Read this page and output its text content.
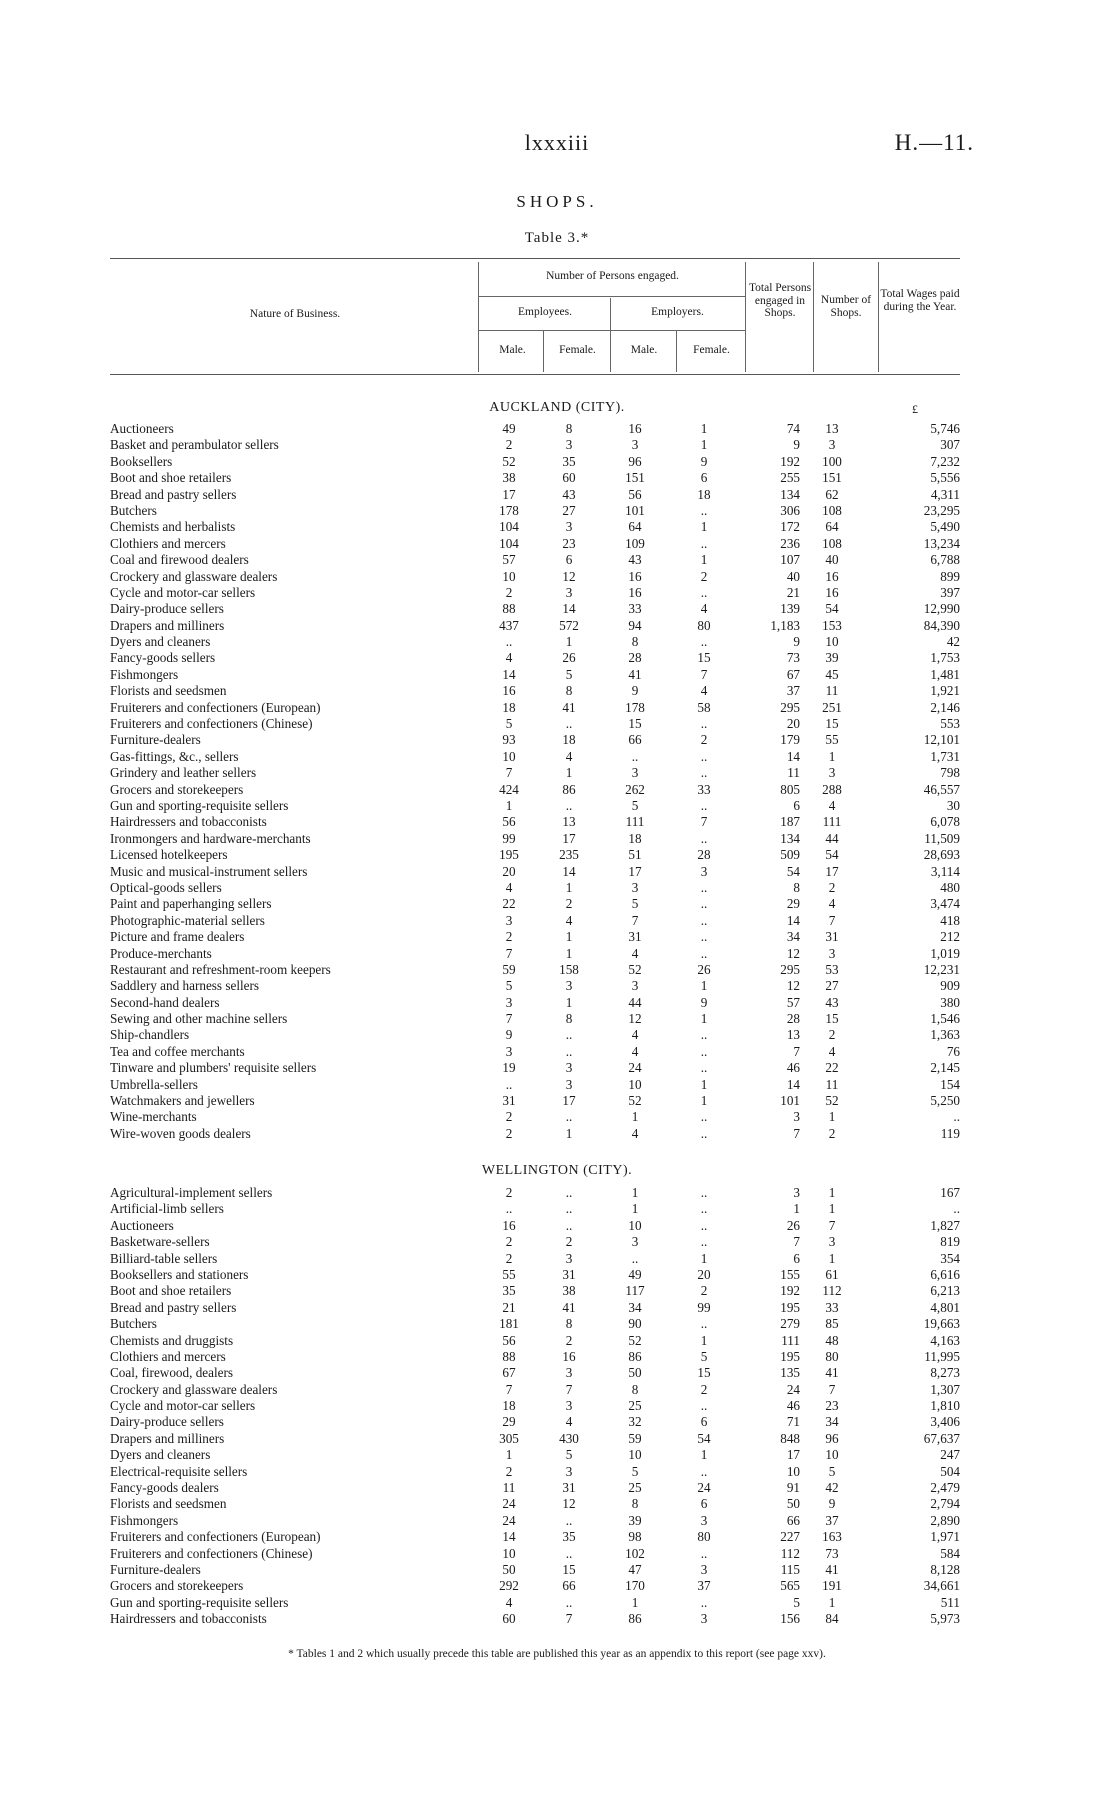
lxxxiii	H.—11.
SHOPS.
Table 3.*
Nature of Business.
Number of Persons engaged.
Employees.	Employers.
Male.	Female.	Male.	Female.
Total Persons engaged in Shops.
Number of Shops.
Total Wages paid during the Year.
AUCKLAND (CITY).	£
Auctioneers	49	8	16	1	74	13	5,746
Basket and perambulator sellers	2	3	3	1	9	3	307
Booksellers	52	35	96	9	192	100	7,232
Boot and shoe retailers	38	60	151	6	255	151	5,556
Bread and pastry sellers	17	43	56	18	134	62	4,311
Butchers	178	27	101	..	306	108	23,295
Chemists and herbalists	104	3	64	1	172	64	5,490
Clothiers and mercers	104	23	109	..	236	108	13,234
Coal and firewood dealers	57	6	43	1	107	40	6,788
Crockery and glassware dealers	10	12	16	2	40	16	899
Cycle and motor-car sellers	2	3	16	..	21	16	397
Dairy-produce sellers	88	14	33	4	139	54	12,990
Drapers and milliners	437	572	94	80	1,183	153	84,390
Dyers and cleaners	..	1	8	..	9	10	42
Fancy-goods sellers	4	26	28	15	73	39	1,753
Fishmongers	14	5	41	7	67	45	1,481
Florists and seedsmen	16	8	9	4	37	11	1,921
Fruiterers and confectioners (European)	18	41	178	58	295	251	2,146
Fruiterers and confectioners (Chinese)	5	..	15	..	20	15	553
Furniture-dealers	93	18	66	2	179	55	12,101
Gas-fittings, &c., sellers	10	4	..	..	14	1	1,731
Grindery and leather sellers	7	1	3	..	11	3	798
Grocers and storekeepers	424	86	262	33	805	288	46,557
Gun and sporting-requisite sellers	1	..	5	..	6	4	30
Hairdressers and tobacconists	56	13	111	7	187	111	6,078
Ironmongers and hardware-merchants	99	17	18	..	134	44	11,509
Licensed hotelkeepers	195	235	51	28	509	54	28,693
Music and musical-instrument sellers	20	14	17	3	54	17	3,114
Optical-goods sellers	4	1	3	..	8	2	480
Paint and paperhanging sellers	22	2	5	..	29	4	3,474
Photographic-material sellers	3	4	7	..	14	7	418
Picture and frame dealers	2	1	31	..	34	31	212
Produce-merchants	7	1	4	..	12	3	1,019
Restaurant and refreshment-room keepers	59	158	52	26	295	53	12,231
Saddlery and harness sellers	5	3	3	1	12	27	909
Second-hand dealers	3	1	44	9	57	43	380
Sewing and other machine sellers	7	8	12	1	28	15	1,546
Ship-chandlers	9	..	4	..	13	2	1,363
Tea and coffee merchants	3	..	4	..	7	4	76
Tinware and plumbers' requisite sellers	19	3	24	..	46	22	2,145
Umbrella-sellers	..	3	10	1	14	11	154
Watchmakers and jewellers	31	17	52	1	101	52	5,250
Wine-merchants	2	..	1	..	3	1	..
Wire-woven goods dealers	2	1	4	..	7	2	119
WELLINGTON (CITY).
Agricultural-implement sellers	2	..	1	..	3	1	167
Artificial-limb sellers	..	..	1	..	1	1	..
Auctioneers	16	..	10	..	26	7	1,827
Basketware-sellers	2	2	3	..	7	3	819
Billiard-table sellers	2	3	..	1	6	1	354
Booksellers and stationers	55	31	49	20	155	61	6,616
Boot and shoe retailers	35	38	117	2	192	112	6,213
Bread and pastry sellers	21	41	34	99	195	33	4,801
Butchers	181	8	90	..	279	85	19,663
Chemists and druggists	56	2	52	1	111	48	4,163
Clothiers and mercers	88	16	86	5	195	80	11,995
Coal, firewood, dealers	67	3	50	15	135	41	8,273
Crockery and glassware dealers	7	7	8	2	24	7	1,307
Cycle and motor-car sellers	18	3	25	..	46	23	1,810
Dairy-produce sellers	29	4	32	6	71	34	3,406
Drapers and milliners	305	430	59	54	848	96	67,637
Dyers and cleaners	1	5	10	1	17	10	247
Electrical-requisite sellers	2	3	5	..	10	5	504
Fancy-goods dealers	11	31	25	24	91	42	2,479
Florists and seedsmen	24	12	8	6	50	9	2,794
Fishmongers	24	..	39	3	66	37	2,890
Fruiterers and confectioners (European)	14	35	98	80	227	163	1,971
Fruiterers and confectioners (Chinese)	10	..	102	..	112	73	584
Furniture-dealers	50	15	47	3	115	41	8,128
Grocers and storekeepers	292	66	170	37	565	191	34,661
Gun and sporting-requisite sellers	4	..	1	..	5	1	511
Hairdressers and tobacconists	60	7	86	3	156	84	5,973
* Tables 1 and 2 which usually precede this table are published this year as an appendix to this report (see page xxv).
